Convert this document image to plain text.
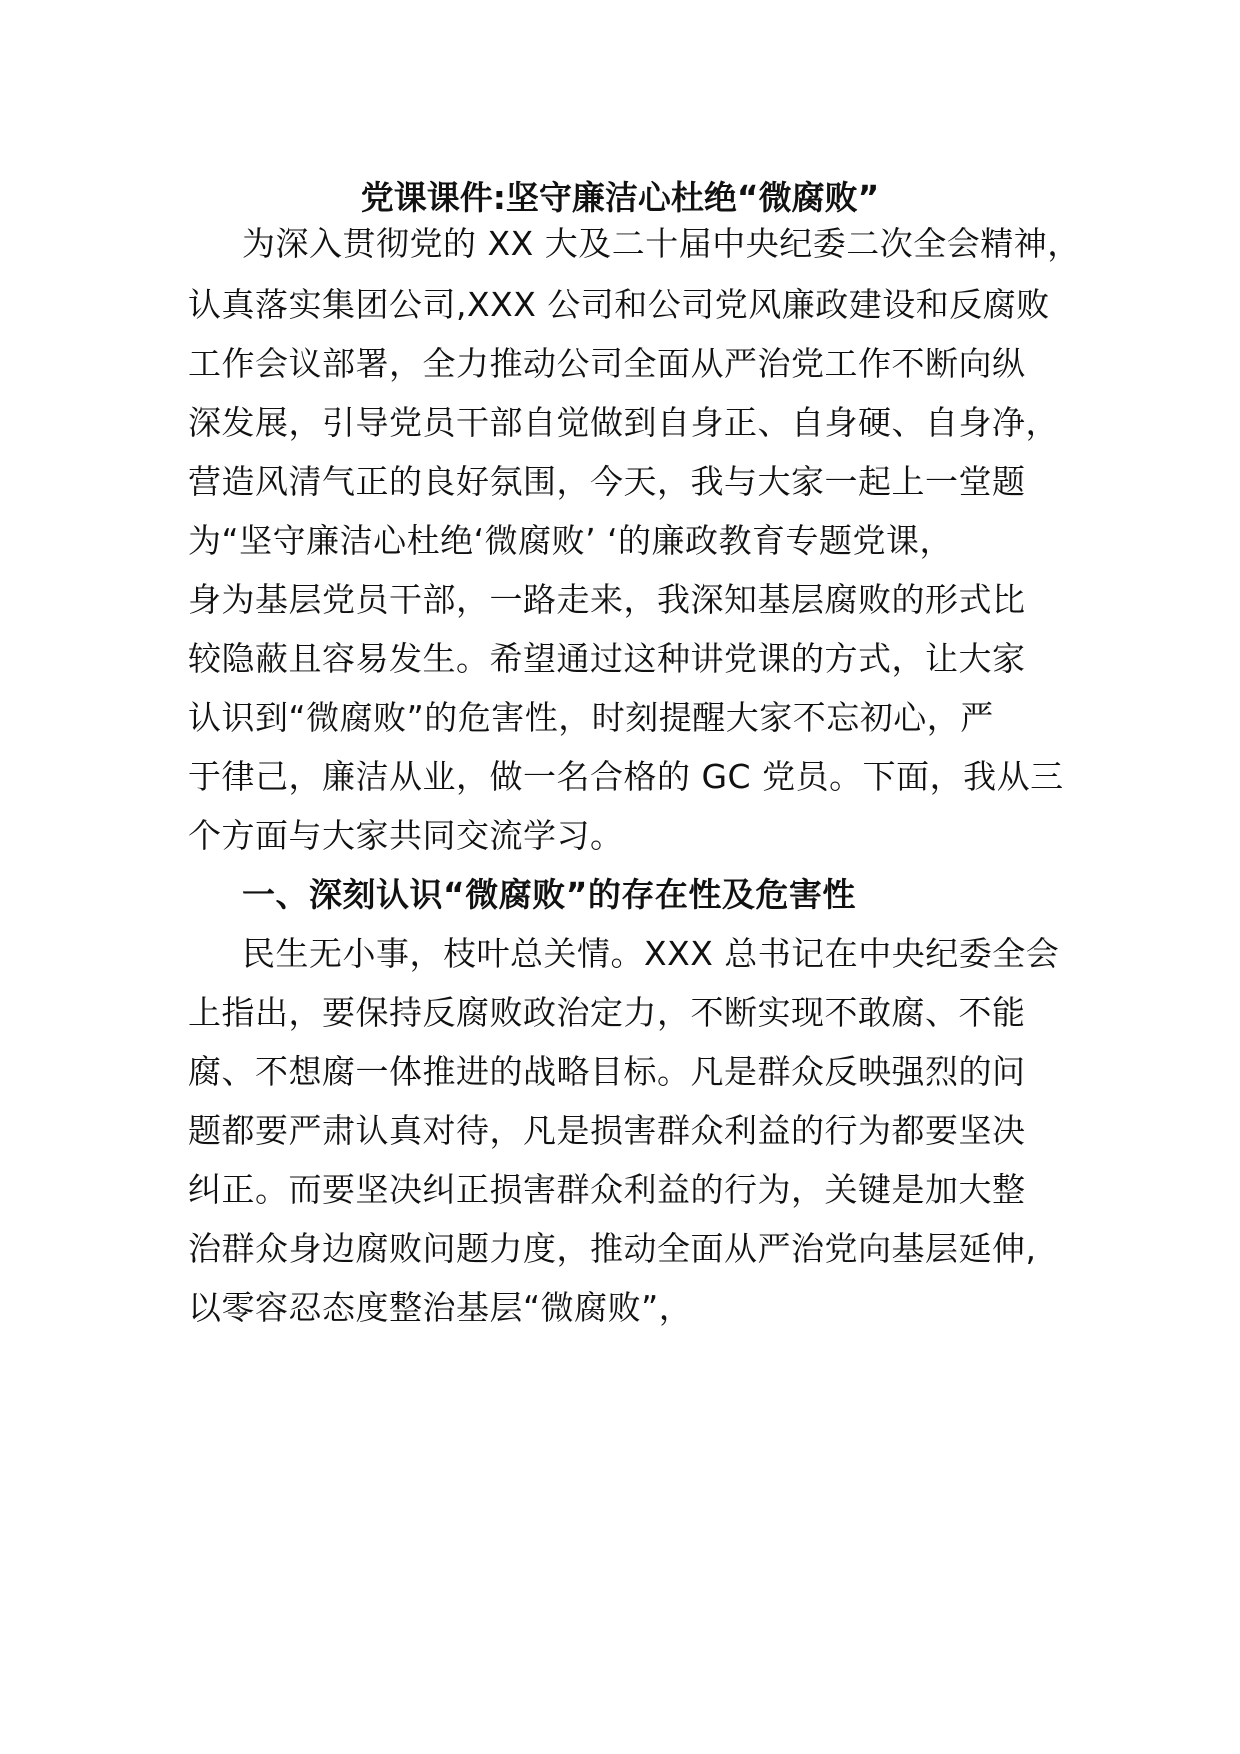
党课课件:坚守廉洁心杜绝“微腐败”
为深入贯彻党的 XX 大及二十届中央纪委二次全会精神，
认真落实集团公司,XXX 公司和公司党风廉政建设和反腐败
工作会议部署，全力推动公司全面从严治党工作不断向纵
深发展，引导党员干部自觉做到自身正、自身硬、自身净，
营造风清气正的良好氛围，今天，我与大家一起上一堂题
为“坚守廉洁心杜绝‘微腐败’ ‘的廉政教育专题党课，
身为基层党员干部，一路走来，我深知基层腐败的形式比
较隐蔽且容易发生。希望通过这种讲党课的方式，让大家
认识到“微腐败”的危害性，时刻提醒大家不忘初心，严
于律己，廉洁从业，做一名合格的 GC 党员。下面，我从三
个方面与大家共同交流学习。
一、深刻认识“微腐败”的存在性及危害性
民生无小事，枝叶总关情。XXX 总书记在中央纪委全会
上指出，要保持反腐败政治定力，不断实现不敢腐、不能
腐、不想腐一体推进的战略目标。凡是群众反映强烈的问
题都要严肃认真对待，凡是损害群众利益的行为都要坚决
纠正。而要坚决纠正损害群众利益的行为，关键是加大整
治群众身边腐败问题力度，推动全面从严治党向基层延伸,
以零容忍态度整治基层“微腐败”，
